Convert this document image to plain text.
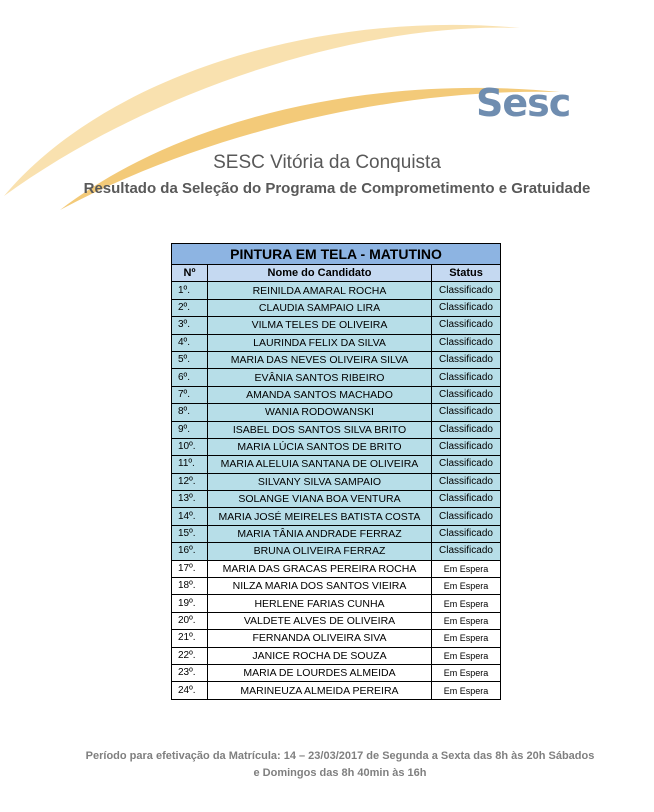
Sesc
SESC Vitória da Conquista
Resultado da Seleção do Programa de Comprometimento e Gratuidade
PINTURA EM TELA - MATUTINO		
Nº	Nome do Candidato	Status
1º.	REINILDA AMARAL ROCHA	Classificado
2º.	CLAUDIA SAMPAIO LIRA	Classificado
3º.	VILMA TELES DE OLIVEIRA	Classificado
4º.	LAURINDA FELIX DA SILVA	Classificado
5º.	MARIA DAS NEVES OLIVEIRA SILVA	Classificado
6º.	EVÂNIA SANTOS RIBEIRO	Classificado
7º.	AMANDA SANTOS MACHADO	Classificado
8º.	WANIA RODOWANSKI	Classificado
9º.	ISABEL DOS SANTOS SILVA BRITO	Classificado
10º.	MARIA LÚCIA SANTOS DE BRITO	Classificado
11º.	MARIA ALELUIA SANTANA DE OLIVEIRA	Classificado
12º.	SILVANY SILVA SAMPAIO	Classificado
13º.	SOLANGE VIANA BOA VENTURA	Classificado
14º.	MARIA JOSÉ MEIRELES BATISTA COSTA	Classificado
15º.	MARIA TÂNIA ANDRADE FERRAZ	Classificado
16º.	BRUNA OLIVEIRA FERRAZ	Classificado
17º.	MARIA DAS GRACAS PEREIRA ROCHA	Em Espera
18º.	NILZA MARIA DOS SANTOS VIEIRA	Em Espera
19º.	HERLENE FARIAS CUNHA	Em Espera
20º.	VALDETE ALVES DE OLIVEIRA	Em Espera
21º.	FERNANDA OLIVEIRA SIVA	Em Espera
22º.	JANICE ROCHA DE SOUZA	Em Espera
23º.	MARIA DE LOURDES ALMEIDA	Em Espera
24º.	MARINEUZA ALMEIDA PEREIRA	Em Espera

Período para efetivação da Matrícula: 14 – 23/03/2017 de Segunda a Sexta das 8h às 20h Sábados
e Domingos das 8h 40min às 16h
